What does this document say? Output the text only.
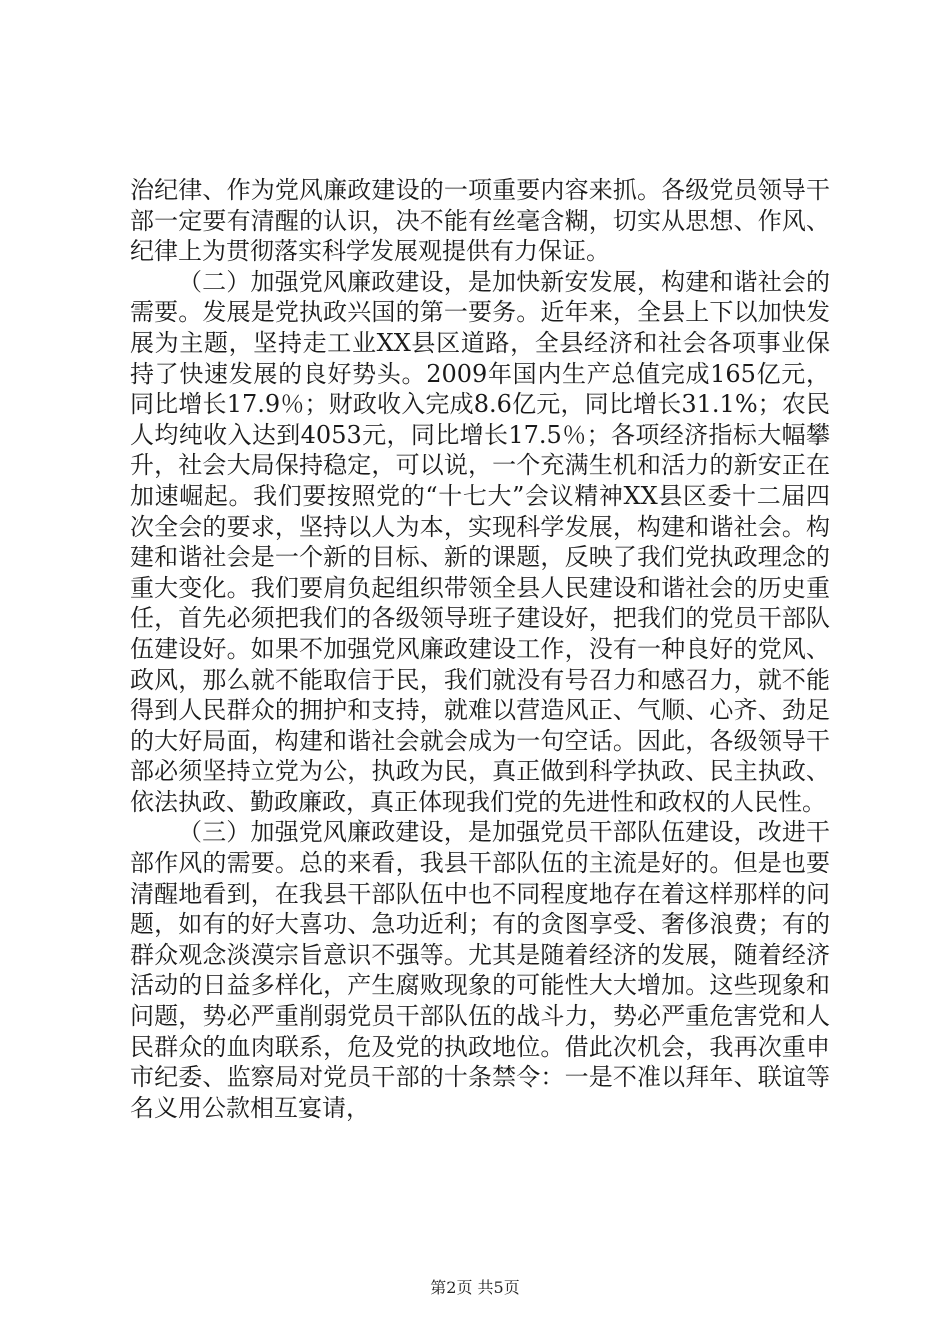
治纪律、作为党风廉政建设的一项重要内容来抓。各级党员领导干部一定要有清醒的认识，决不能有丝毫含糊，切实从思想、作风、纪律上为贯彻落实科学发展观提供有力保证。

（二）加强党风廉政建设，是加快新安发展，构建和谐社会的需要。发展是党执政兴国的第一要务。近年来，全县上下以加快发展为主题，坚持走工业XX县区道路，全县经济和社会各项事业保持了快速发展的良好势头。2009年国内生产总值完成165亿元，同比增长17.9％；财政收入完成8.6亿元，同比增长31.1%；农民人均纯收入达到4053元，同比增长17.5％；各项经济指标大幅攀升，社会大局保持稳定，可以说，一个充满生机和活力的新安正在加速崛起。我们要按照党的“十七大”会议精神XX县区委十二届四次全会的要求，坚持以人为本，实现科学发展，构建和谐社会。构建和谐社会是一个新的目标、新的课题，反映了我们党执政理念的重大变化。我们要肩负起组织带领全县人民建设和谐社会的历史重任，首先必须把我们的各级领导班子建设好，把我们的党员干部队伍建设好。如果不加强党风廉政建设工作，没有一种良好的党风、政风，那么就不能取信于民，我们就没有号召力和感召力，就不能得到人民群众的拥护和支持，就难以营造风正、气顺、心齐、劲足的大好局面，构建和谐社会就会成为一句空话。因此，各级领导干部必须坚持立党为公，执政为民，真正做到科学执政、民主执政、依法执政、勤政廉政，真正体现我们党的先进性和政权的人民性。

（三）加强党风廉政建设，是加强党员干部队伍建设，改进干部作风的需要。总的来看，我县干部队伍的主流是好的。但是也要清醒地看到，在我县干部队伍中也不同程度地存在着这样那样的问题，如有的好大喜功、急功近利；有的贪图享受、奢侈浪费；有的群众观念淡漠宗旨意识不强等。尤其是随着经济的发展，随着经济活动的日益多样化，产生腐败现象的可能性大大增加。这些现象和问题，势必严重削弱党员干部队伍的战斗力，势必严重危害党和人民群众的血肉联系，危及党的执政地位。借此次机会，我再次重申市纪委、监察局对党员干部的十条禁令：一是不准以拜年、联谊等名义用公款相互宴请，

第2页 共5页
